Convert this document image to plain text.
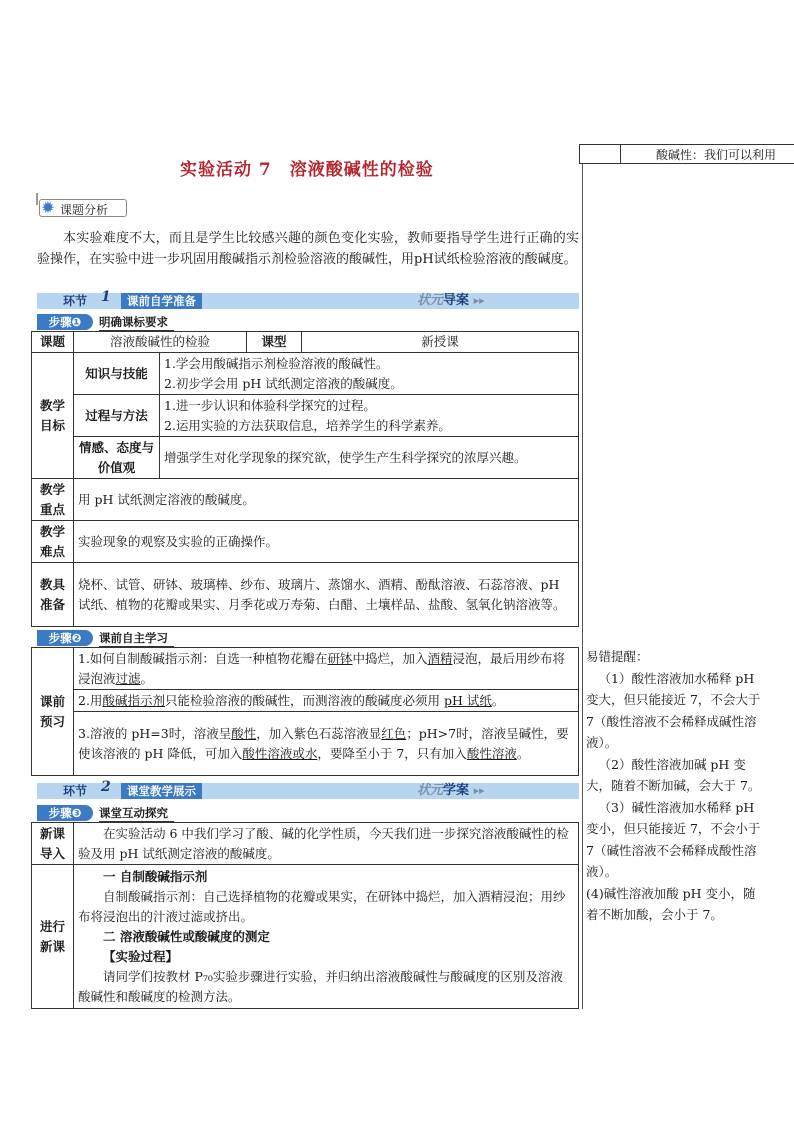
实验活动 7　溶液酸碱性的检验
酸碱性：我们可以利用
✹ 课题分析
本实验难度不大，而且是学生比较感兴趣的颜色变化实验，教师要指导学生进行正确的实验操作，在实验中进一步巩固用酸碱指示剂检验溶液的酸碱性，用pH试纸检验溶液的酸碱度。
环节 1	课前自学准备	状元导案 ▸▸
步骤❶	明确课标要求
课题	溶液酸碱性的检验		课型	新授课
教学目标	知识与技能	1.学会用酸碱指示剂检验溶液的酸碱性。
2.初步学会用 pH 试纸测定溶液的酸碱度。		

	过程与方法	1.进一步认识和体验科学探究的过程。
2.运用实验的方法获取信息，培养学生的科学素养。		

	情感、态度与价值观	增强学生对化学现象的探究欲，使学生产生科学探究的浓厚兴趣。		
教学重点	用 pH 试纸测定溶液的酸碱度。			
教学难点	实验现象的观察及实验的正确操作。			
教具准备	烧杯、试管、研钵、玻璃棒、纱布、玻璃片、蒸馏水、酒精、酚酞溶液、石蕊溶液、pH 试纸、植物的花瓣或果实、月季花或万寿菊、白醋、土壤样品、盐酸、氢氧化钠溶液等。			
步骤❷	课前自主学习
课前预习	1.如何自制酸碱指示剂：自选一种植物花瓣在研钵中捣烂，加入酒精浸泡，最后用纱布将浸泡液过滤。
2.用酸碱指示剂只能检验溶液的酸碱性，而测溶液的酸碱度必须用 pH 试纸。
3.溶液的 pH=3时，溶液呈酸性，加入紫色石蕊溶液显红色；pH>7时，溶液呈碱性，要使该溶液的 pH 降低，可加入酸性溶液或水，要降至小于 7，只有加入酸性溶液。
环节 2	课堂教学展示	状元学案 ▸▸
步骤❸	课堂互动探究
新课导入	在实验活动 6 中我们学习了酸、碱的化学性质，今天我们进一步探究溶液酸碱性的检验及用 pH 试纸测定溶液的酸碱度。
进行新课	一 自制酸碱指示剂
自制酸碱指示剂：自己选择植物的花瓣或果实，在研钵中捣烂，加入酒精浸泡；用纱布将浸泡出的汁液过滤或挤出。
二 溶液酸碱性或酸碱度的测定
【实验过程】
请同学们按教材 P₇₀实验步骤进行实验，并归纳出溶液酸碱性与酸碱度的区别及溶液酸碱性和酸碱度的检测方法。

易错提醒：

（1）酸性溶液加水稀释 pH 变大，但只能接近 7，不会大于 7（酸性溶液不会稀释成碱性溶液）。

（2）酸性溶液加碱 pH 变大，随着不断加碱，会大于 7。

（3）碱性溶液加水稀释 pH 变小，但只能接近 7，不会小于 7（碱性溶液不会稀释成酸性溶液）。

(4)碱性溶液加酸 pH 变小，随着不断加酸，会小于 7。
